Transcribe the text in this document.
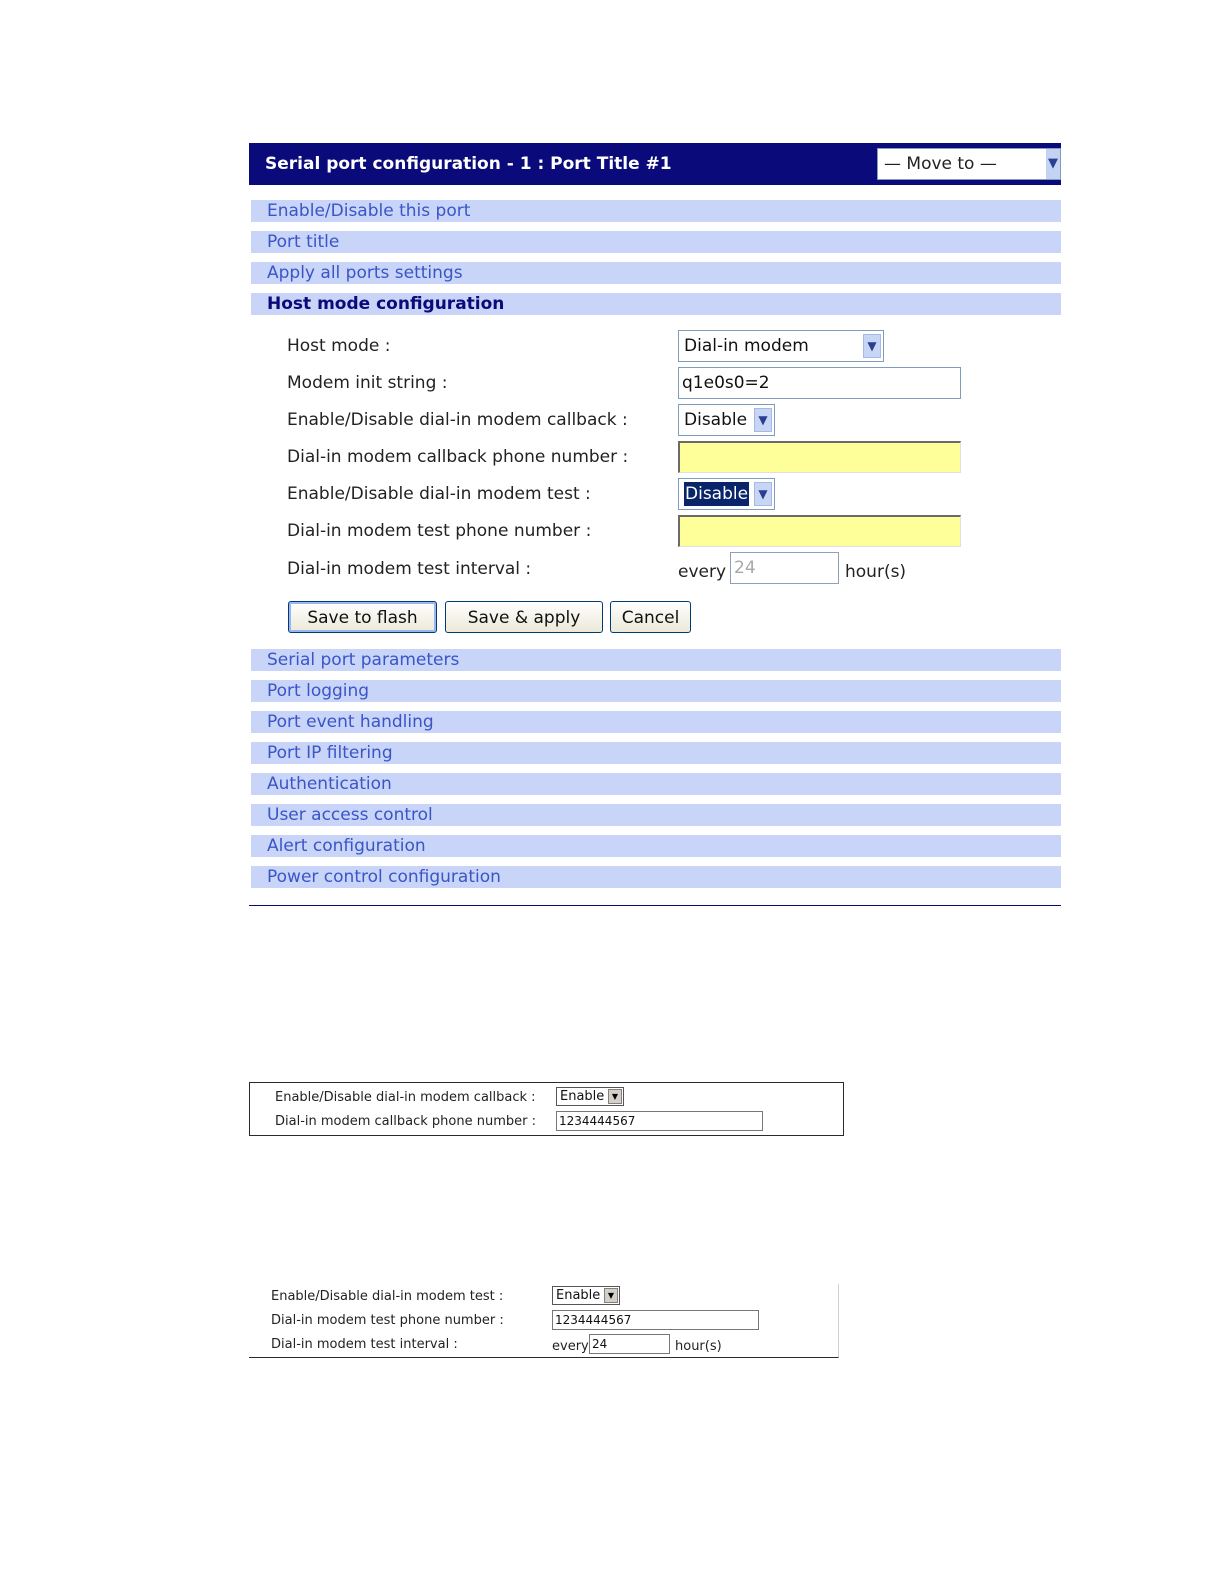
Serial port configuration - 1 : Port Title #1	— Move to —	▼
Enable/Disable this port
Port title
Apply all ports settings
Host mode configuration
Host mode :	Dial-in modem	▼
Modem init string :	q1e0s0=2
Enable/Disable dial-in modem callback :	Disable ▼
Dial-in modem callback phone number :
Enable/Disable dial-in modem test :	Disable ▼
Dial-in modem test phone number :
Dial-in modem test interval :	every 24	hour(s)
Save to flash	Save & apply	Cancel
Serial port parameters
Port logging
Port event handling
Port IP filtering
Authentication
User access control
Alert configuration
Power control configuration
Enable/Disable dial-in modem callback : Enable ▼
Dial-in modem callback phone number : 1234444567
Enable/Disable dial-in modem test :	Enable ▼
Dial-in modem test phone number :	1234444567
Dial-in modem test interval :	every 24	hour(s)
